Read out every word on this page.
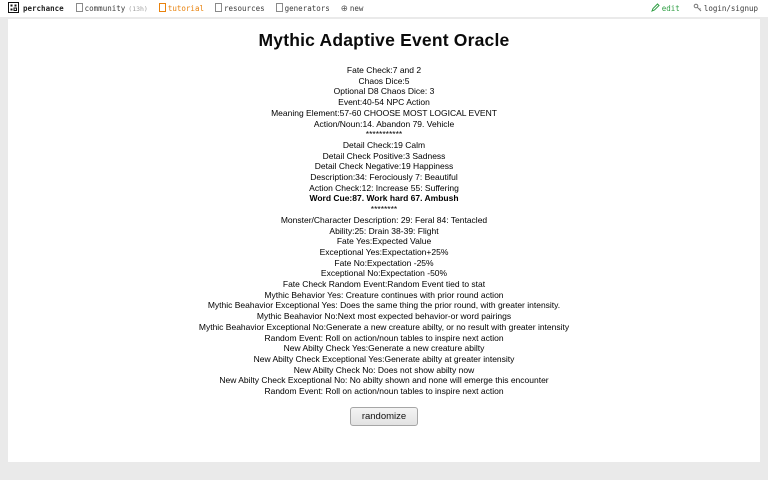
perchance	community (13h)	tutorial	resources	generators ⊕ new	edit	login/signup
Mythic Adaptive Event Oracle
Fate Check:7 and 2
Chaos Dice:5
Optional D8 Chaos Dice: 3
Event:40-54 NPC Action
Meaning Element:57-60 CHOOSE MOST LOGICAL EVENT
Action/Noun:14. Abandon 79. Vehicle
***********
Detail Check:19 Calm
Detail Check Positive:3 Sadness
Detail Check Negative:19 Happiness
Description:34: Ferociously 7: Beautiful
Action Check:12: Increase 55: Suffering
Word Cue:87. Work hard 67. Ambush
********
Monster/Character Description: 29: Feral 84: Tentacled
Ability:25: Drain 38-39: Flight
Fate Yes:Expected Value
Exceptional Yes:Expectation+25%
Fate No:Expectation -25%
Exceptional No:Expectation -50%
Fate Check Random Event:Random Event tied to stat
Mythic Behavior Yes: Creature continues with prior round action
Mythic Beahavior Exceptional Yes: Does the same thing the prior round, with greater intensity.
Mythic Beahavior No:Next most expected behavior-or word pairings
Mythic Beahavior Exceptional No:Generate a new creature abilty, or no result with greater intensity
Random Event: Roll on action/noun tables to inspire next action
New Abilty Check Yes:Generate a new creature abilty
New Abilty Check Exceptional Yes:Generate abilty at greater intensity
New Abilty Check No: Does not show abilty now
New Abilty Check Exceptional No: No abilty shown and none will emerge this encounter
Random Event: Roll on action/noun tables to inspire next action
randomize
